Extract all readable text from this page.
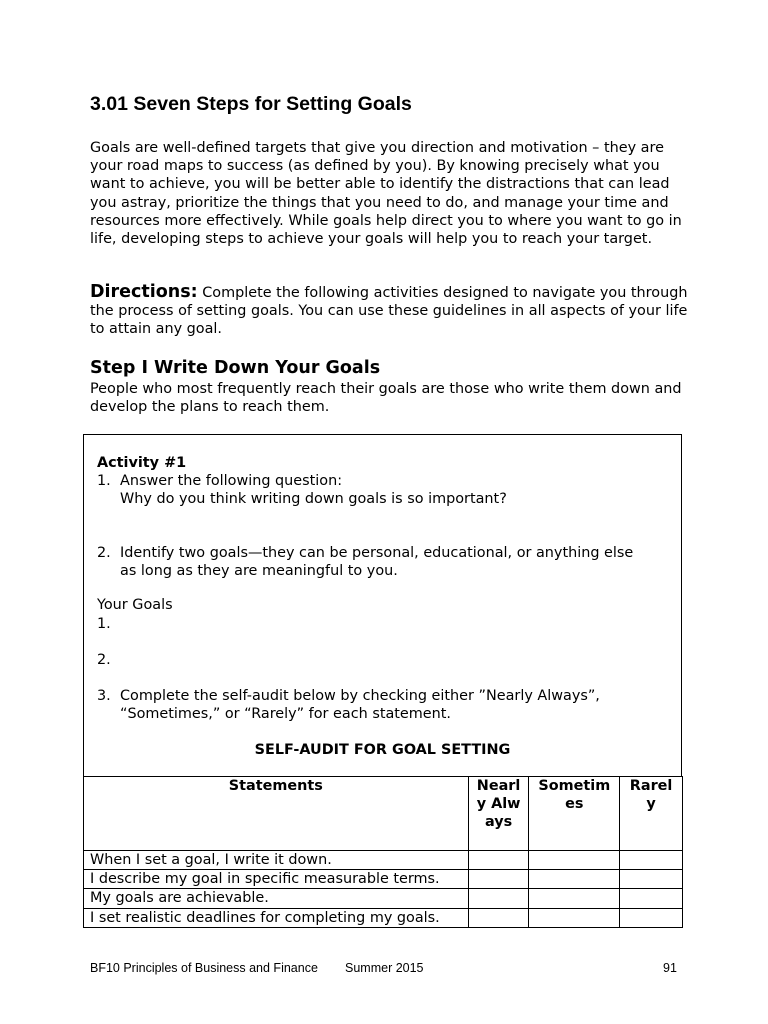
3.01 Seven Steps for Setting Goals
Goals are well-defined targets that give you direction and motivation – they are your road maps to success (as defined by you). By knowing precisely what you want to achieve, you will be better able to identify the distractions that can lead you astray, prioritize the things that you need to do, and manage your time and resources more effectively. While goals help direct you to where you want to go in life, developing steps to achieve your goals will help you to reach your target.
Directions: Complete the following activities designed to navigate you through the process of setting goals. You can use these guidelines in all aspects of your life to attain any goal.
Step I Write Down Your Goals
People who most frequently reach their goals are those who write them down and develop the plans to reach them.
Activity #1
1. Answer the following question:
Why do you think writing down goals is so important?
2. Identify two goals—they can be personal, educational, or anything else
as long as they are meaningful to you.
Your Goals
1.
2.
3. Complete the self-audit below by checking either ”Nearly Always”,
“Sometimes,” or “Rarely” for each statement.
SELF-AUDIT FOR GOAL SETTING
Statements	Nearly Always	Sometimes	Rarely
When I set a goal, I write it down.			
I describe my goal in specific measurable terms.			
My goals are achievable.			
I set realistic deadlines for completing my goals.			
BF10 Principles of Business and Finance Summer 2015	91
